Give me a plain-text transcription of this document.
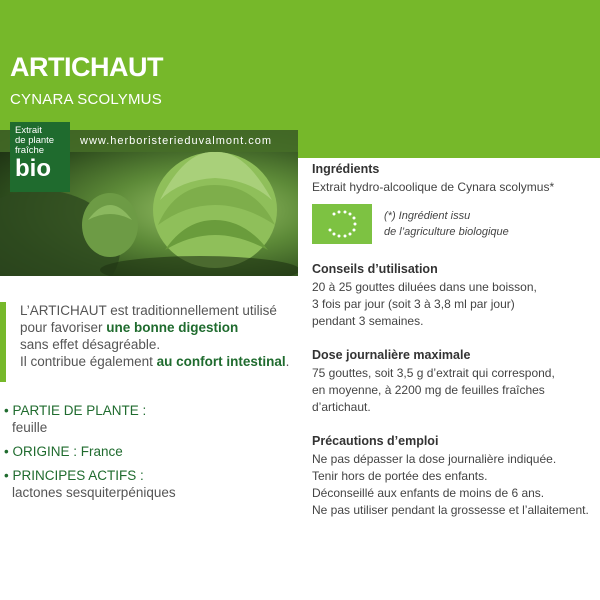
ARTICHAUT
CYNARA SCOLYMUS
www.herboristerieduvalmont.com
Extrait
de plante
fraîche
bio
L’ARTICHAUT est traditionnellement utilisé
pour favoriser une bonne digestion
sans effet désagréable.
Il contribue également au confort intestinal.
• PARTIE DE PLANTE :
feuille
• ORIGINE : France
• PRINCIPES ACTIFS :
lactones sesquiterpéniques
Ingrédients
Extrait hydro-alcoolique de Cynara scolymus*
(*) Ingrédient issu
de l’agriculture biologique
Conseils d’utilisation
20 à 25 gouttes diluées dans une boisson,
3 fois par jour (soit 3 à 3,8 ml par jour)
pendant 3 semaines.
Dose journalière maximale
75 gouttes, soit 3,5 g d’extrait qui correspond,
en moyenne, à 2200 mg de feuilles fraîches
d’artichaut.
Précautions d’emploi
Ne pas dépasser la dose journalière indiquée.
Tenir hors de portée des enfants.
Déconseillé aux enfants de moins de 6 ans.
Ne pas utiliser pendant la grossesse et l’allaitement.
